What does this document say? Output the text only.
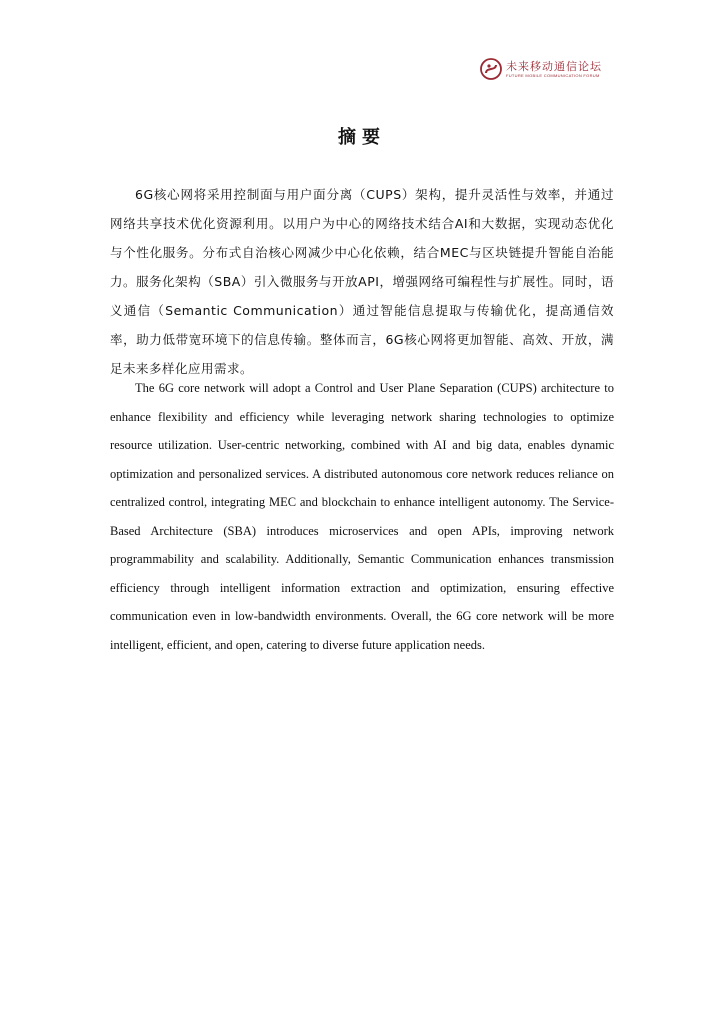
未来移动通信论坛
FUTURE MOBILE COMMUNICATION FORUM
摘要

6G核心网将采用控制面与用户面分离（CUPS）架构，提升灵活性与效率，并通过网络共享技术优化资源利用。以用户为中心的网络技术结合AI和大数据，实现动态优化与个性化服务。分布式自治核心网减少中心化依赖，结合MEC与区块链提升智能自治能力。服务化架构（SBA）引入微服务与开放API，增强网络可编程性与扩展性。同时，语义通信（Semantic Communication）通过智能信息提取与传输优化，提高通信效率，助力低带宽环境下的信息传输。整体而言，6G核心网将更加智能、高效、开放，满足未来多样化应用需求。

The 6G core network will adopt a Control and User Plane Separation (CUPS) architecture to enhance flexibility and efficiency while leveraging network sharing technologies to optimize resource utilization. User-centric networking, combined with AI and big data, enables dynamic optimization and personalized services. A distributed autonomous core network reduces reliance on centralized control, integrating MEC and blockchain to enhance intelligent autonomy. The Service-Based Architecture (SBA) introduces microservices and open APIs, improving network programmability and scalability. Additionally, Semantic Communication enhances transmission efficiency through intelligent information extraction and optimization, ensuring effective communication even in low-bandwidth environments. Overall, the 6G core network will be more intelligent, efficient, and open, catering to diverse future application needs.
